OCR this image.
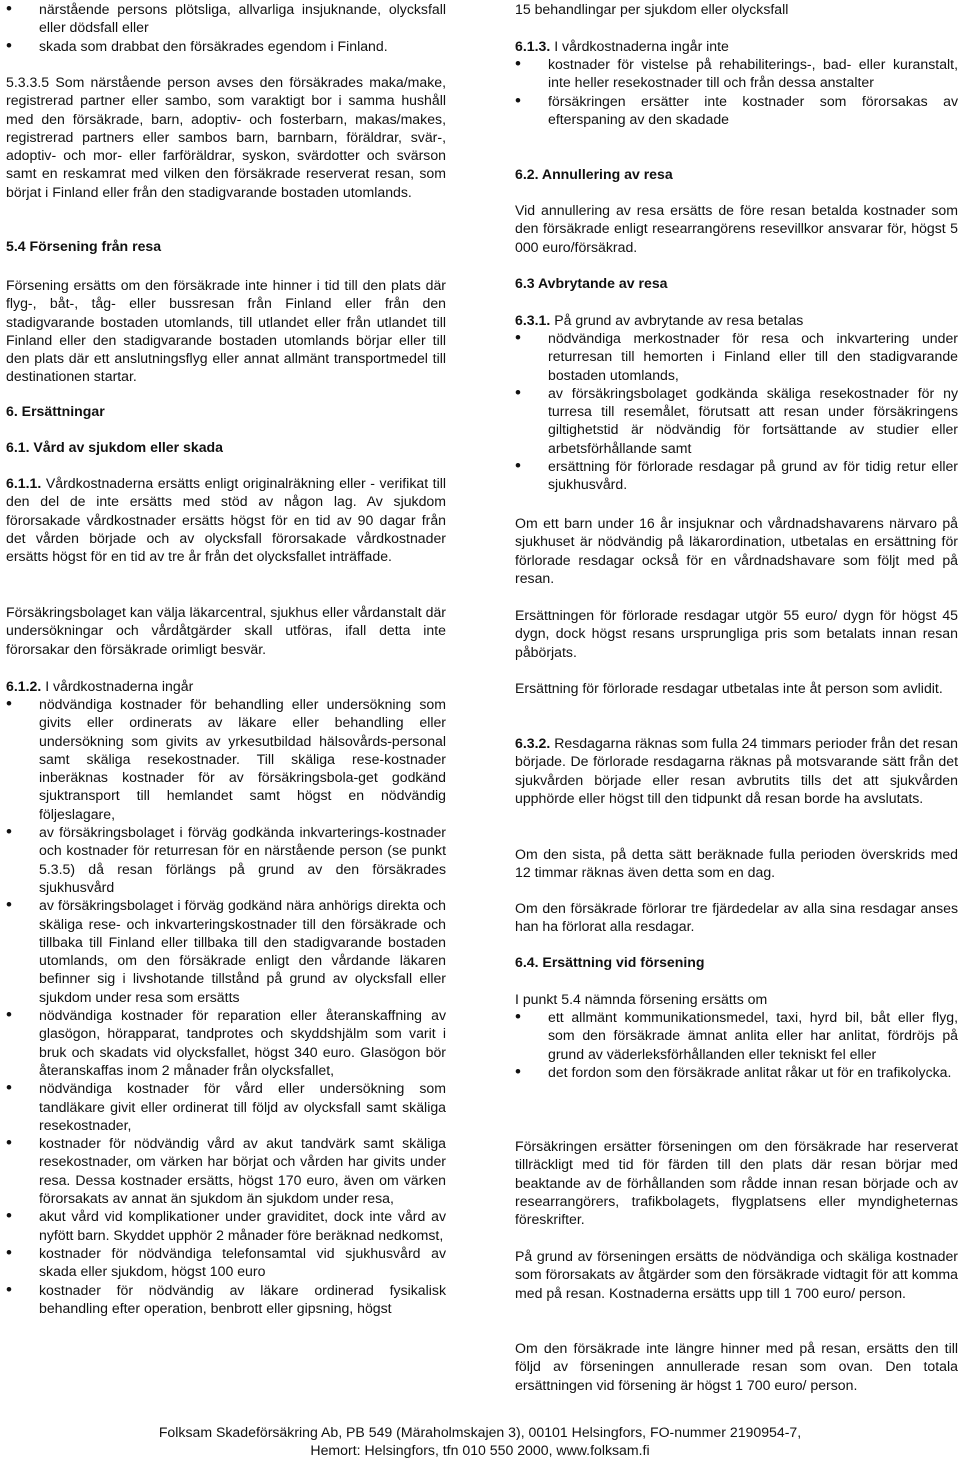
• närstående persons plötsliga, allvarliga insjuknande, olycksfall eller dödsfall eller
• skada som drabbat den försäkrades egendom i Finland.

5.3.3.5 Som närstående person avses den försäkrades maka/make, registrerad partner eller sambo, som varaktigt bor i samma hushåll med den försäkrade, barn, adoptiv- och fosterbarn, makas/makes, registrerad partners eller sambos barn, barnbarn, föräldrar, svär-, adoptiv- och mor- eller farföräldrar, syskon, svärdotter och svärson samt en reskamrat med vilken den försäkrade reserverat resan, som börjat i Finland eller från den stadigvarande bostaden utomlands.

5.4 Försening från resa

Försening ersätts om den försäkrade inte hinner i tid till den plats där flyg-, båt-, tåg- eller bussresan från Finland eller från den stadigvarande bostaden utomlands, till utlandet eller från utlandet till Finland eller den stadigvarande bostaden utomlands börjar eller till den plats där ett anslutningsflyg eller annat allmänt transportmedel till destinationen startar.

6. Ersättningar

6.1. Vård av sjukdom eller skada

6.1.1. Vårdkostnaderna ersätts enligt originalräkning eller - verifikat till den del de inte ersätts med stöd av någon lag. Av sjukdom förorsakade vårdkostnader ersätts högst för en tid av 90 dagar från det vården började och av olycksfall förorsakade vårdkostnader ersätts högst för en tid av tre år från det olycksfallet inträffade.

Försäkringsbolaget kan välja läkarcentral, sjukhus eller vårdanstalt där undersökningar och vårdåtgärder skall utföras, ifall detta inte förorsakar den försäkrade orimligt besvär.

6.1.2. I vårdkostnaderna ingår

• nödvändiga kostnader för behandling eller undersökning som givits eller ordinerats av läkare eller behandling eller undersökning som givits av yrkesutbildad hälsovårds-personal samt skäliga resekostnader. Till skäliga rese-kostnader inberäknas kostnader för av försäkringsbola-get godkänd sjuktransport till hemlandet samt högst en nödvändig följeslagare,
• av försäkringsbolaget i förväg godkända inkvarterings-kostnader och kostnader för returresan för en närstående person (se punkt 5.3.5) då resan förlängs på grund av den försäkrades sjukhusvård
• av försäkringsbolaget i förväg godkänd nära anhörigs direkta och skäliga rese- och inkvarteringskostnader till den försäkrade och tillbaka till Finland eller tillbaka till den stadigvarande bostaden utomlands, om den försäkrade enligt den vårdande läkaren befinner sig i livshotande tillstånd på grund av olycksfall eller sjukdom under resa som ersätts
• nödvändiga kostnader för reparation eller återanskaffning av glasögon, hörapparat, tandprotes och skyddshjälm som varit i bruk och skadats vid olycksfallet, högst 340 euro. Glasögon bör återanskaffas inom 2 månader från olycksfallet,
• nödvändiga kostnader för vård eller undersökning som tandläkare givit eller ordinerat till följd av olycksfall samt skäliga resekostnader,
• kostnader för nödvändig vård av akut tandvärk samt skäliga resekostnader, om värken har börjat och vården har givits under resa. Dessa kostnader ersätts, högst 170 euro, även om värken förorsakats av annat än sjukdom än sjukdom under resa,
• akut vård vid komplikationer under graviditet, dock inte vård av nyfött barn. Skyddet upphör 2 månader före beräknad nedkomst,
• kostnader för nödvändiga telefonsamtal vid sjukhusvård av skada eller sjukdom, högst 100 euro
• kostnader för nödvändig av läkare ordinerad fysikalisk behandling efter operation, benbrott eller gipsning, högst

15 behandlingar per sjukdom eller olycksfall

6.1.3. I vårdkostnaderna ingår inte

• kostnader för vistelse på rehabiliterings-, bad- eller kuranstalt, inte heller resekostnader till och från dessa anstalter
• försäkringen ersätter inte kostnader som förorsakas av efterspaning av den skadade

6.2. Annullering av resa

Vid annullering av resa ersätts de före resan betalda kostnader som den försäkrade enligt researrangörens resevillkor ansvarar för, högst 5 000 euro/försäkrad.

6.3 Avbrytande av resa

6.3.1. På grund av avbrytande av resa betalas

• nödvändiga merkostnader för resa och inkvartering under returresan till hemorten i Finland eller till den stadigvarande bostaden utomlands,
• av försäkringsbolaget godkända skäliga resekostnader för ny turresa till resemålet, förutsatt att resan under försäkringens giltighetstid är nödvändig för fortsättande av studier eller arbetsförhållande samt
• ersättning för förlorade resdagar på grund av för tidig retur eller sjukhusvård.

Om ett barn under 16 år insjuknar och vårdnadshavarens närvaro på sjukhuset är nödvändig på läkarordination, utbetalas en ersättning för förlorade resdagar också för en vårdnadshavare som följt med på resan.

Ersättningen för förlorade resdagar utgör 55 euro/ dygn för högst 45 dygn, dock högst resans ursprungliga pris som betalats innan resan påbörjats.

Ersättning för förlorade resdagar utbetalas inte åt person som avlidit.

6.3.2. Resdagarna räknas som fulla 24 timmars perioder från det resan började. De förlorade resdagarna räknas på motsvarande sätt från det sjukvården började eller resan avbrutits tills det att sjukvården upphörde eller högst till den tidpunkt då resan borde ha avslutats.

Om den sista, på detta sätt beräknade fulla perioden överskrids med 12 timmar räknas även detta som en dag.

Om den försäkrade förlorar tre fjärdedelar av alla sina resdagar anses han ha förlorat alla resdagar.

6.4. Ersättning vid försening

I punkt 5.4 nämnda försening ersätts om

• ett allmänt kommunikationsmedel, taxi, hyrd bil, båt eller flyg, som den försäkrade ämnat anlita eller har anlitat, fördröjs på grund av väderleksförhållanden eller tekniskt fel eller
• det fordon som den försäkrade anlitat råkar ut för en trafikolycka.

Försäkringen ersätter förseningen om den försäkrade har reserverat tillräckligt med tid för färden till den plats där resan börjar med beaktande av de förhållanden som rådde innan resan började och av researrangörers, trafikbolagets, flygplatsens eller myndigheternas föreskrifter.

På grund av förseningen ersätts de nödvändiga och skäliga kostnader som förorsakats av åtgärder som den försäkrade vidtagit för att komma med på resan. Kostnaderna ersätts upp till 1 700 euro/ person.

Om den försäkrade inte längre hinner med på resan, ersätts den till följd av förseningen annullerade resan som ovan. Den totala ersättningen vid försening är högst 1 700 euro/ person.

Folksam Skadeförsäkring Ab, PB 549 (Märaholmskajen 3), 00101 Helsingfors, FO-nummer 2190954-7,
Hemort: Helsingfors, tfn 010 550 2000, www.folksam.fi
